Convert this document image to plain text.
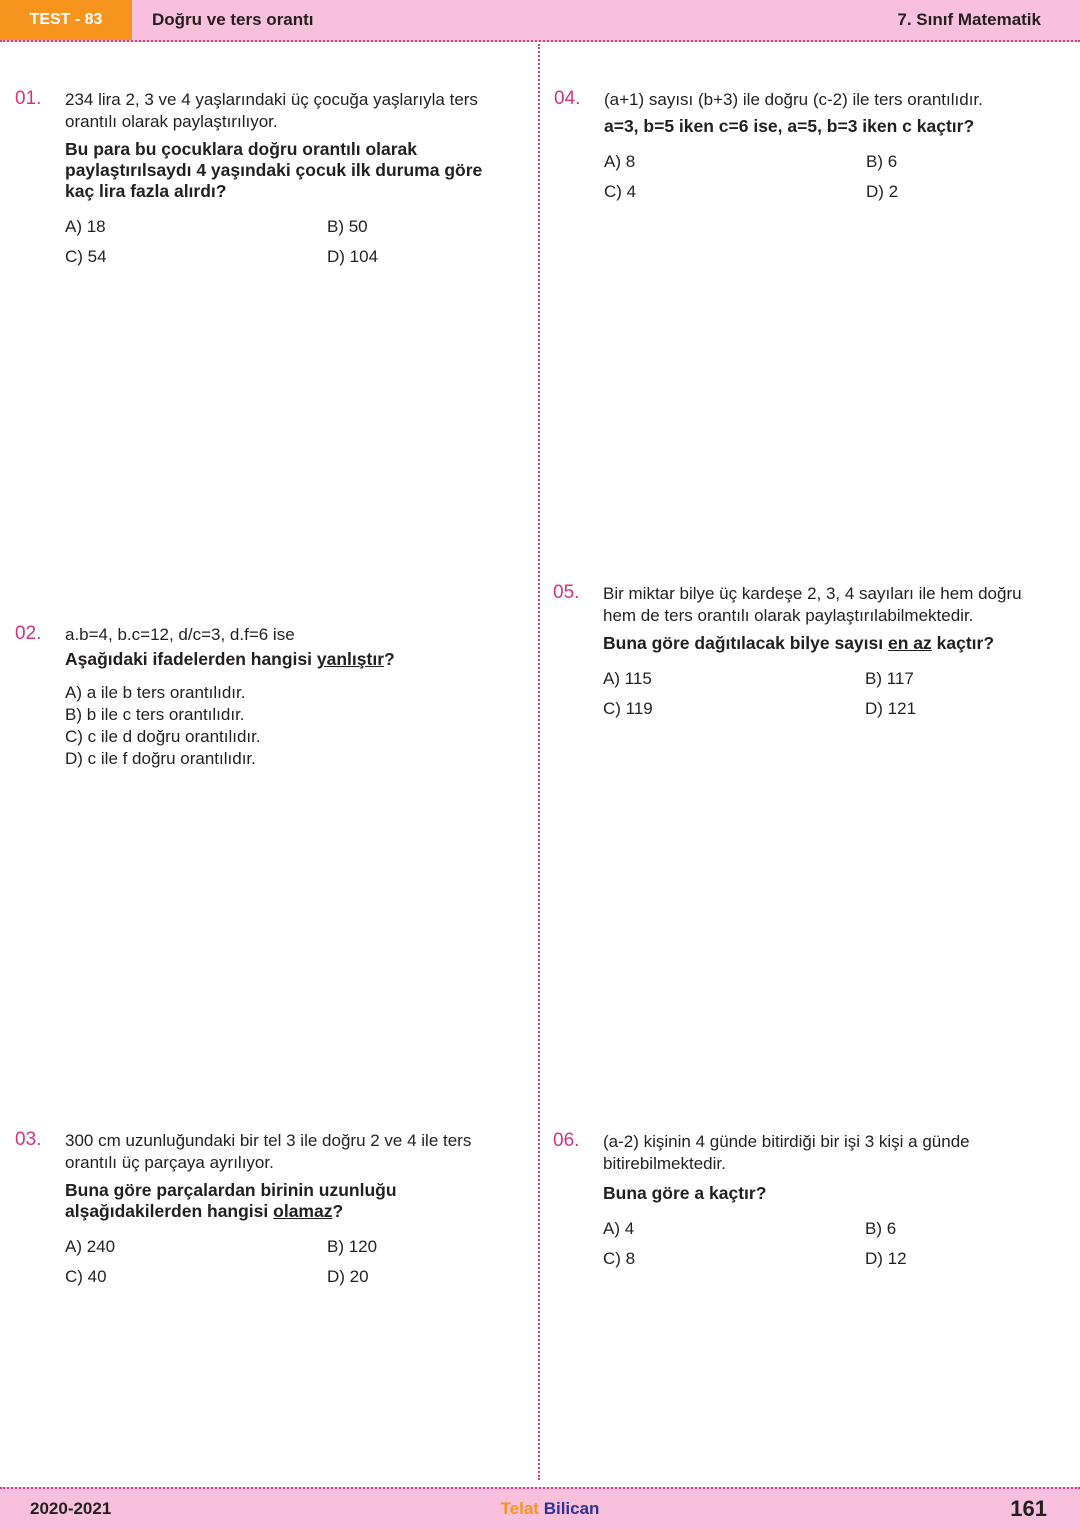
TEST - 83	Doğru ve ters orantı	7. Sınıf Matematik
01. 234 lira 2, 3 ve 4 yaşlarındaki üç çocuğa yaşlarıyla ters orantılı olarak paylaştırılıyor.

Bu para bu çocuklara doğru orantılı olarak paylaştırılsaydı 4 yaşındaki çocuk ilk duruma göre kaç lira fazla alırdı?

A) 18	B) 50
C) 54	D) 104
02. a.b=4, b.c=12, d/c=3, d.f=6 ise

Aşağıdaki ifadelerden hangisi yanlıştır?

A) a ile b ters orantılıdır.
B) b ile c ters orantılıdır.
C) c ile d doğru orantılıdır.
D) c ile f doğru orantılıdır.
03. 300 cm uzunluğundaki bir tel 3 ile doğru 2 ve 4 ile ters orantılı üç parçaya ayrılıyor.

Buna göre parçalardan birinin uzunluğu alşağıdakilerden hangisi olamaz?

A) 240	B) 120
C) 40	D) 20
04. (a+1) sayısı (b+3) ile doğru (c-2) ile ters orantılıdır.

a=3, b=5 iken c=6 ise, a=5, b=3 iken c kaçtır?

A) 8	B) 6
C) 4	D) 2
05. Bir miktar bilye üç kardeşe 2, 3, 4 sayıları ile hem doğru hem de ters orantılı olarak paylaştırılabilmektedir.

Buna göre dağıtılacak bilye sayısı en az kaçtır?

A) 115	B) 117
C) 119	D) 121
06. (a-2) kişinin 4 günde bitirdiği bir işi 3 kişi a günde bitirebilmektedir.

Buna göre a kaçtır?

A) 4	B) 6
C) 8	D) 12
2020-2021	Telat Bilican	161
